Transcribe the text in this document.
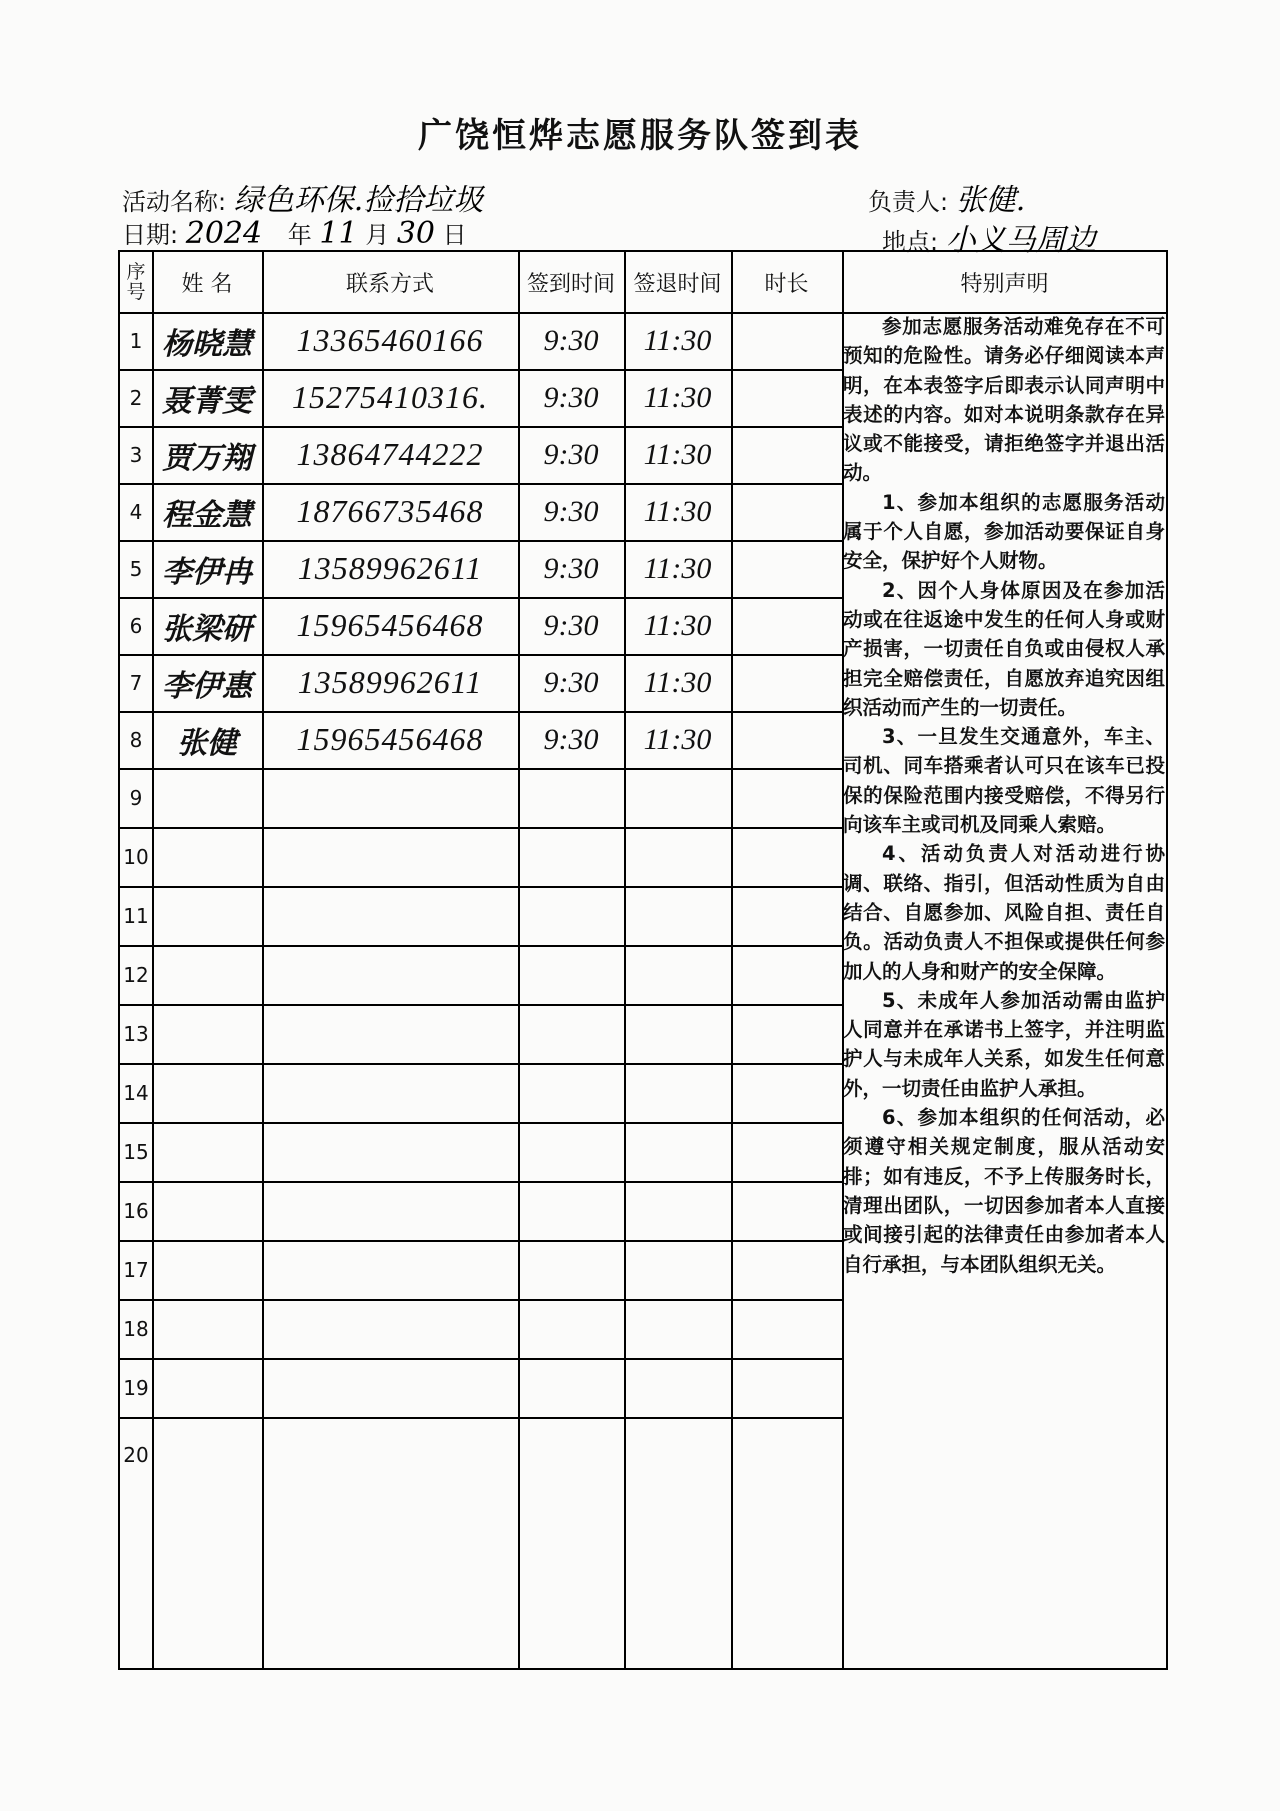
广饶恒烨志愿服务队签到表
活动名称: 绿色环保.捡拾垃圾	负责人: 张健.
日期: 2024 年 11 月 30 日	地点: 小义马周边
序号	姓 名	联系方式	签到时间 签退时间	时长	特别声明

参加志愿服务活动难免存在不可预知的危险性。请务必仔细阅读本声明，在本表签字后即表示认同声明中表述的内容。如对本说明条款存在异议或不能接受，请拒绝签字并退出活动。

1、参加本组织的志愿服务活动属于个人自愿，参加活动要保证自身安全，保护好个人财物。

2、因个人身体原因及在参加活动或在往返途中发生的任何人身或财产损害，一切责任自负或由侵权人承担完全赔偿责任，自愿放弃追究因组织活动而产生的一切责任。

3、一旦发生交通意外，车主、司机、同车搭乘者认可只在该车已投保的保险范围内接受赔偿，不得另行向该车主或司机及同乘人索赔。

4、活动负责人对活动进行协调、联络、指引，但活动性质为自由结合、自愿参加、风险自担、责任自负。活动负责人不担保或提供任何参加人的人身和财产的安全保障。

5、未成年人参加活动需由监护人同意并在承诺书上签字，并注明监护人与未成年人关系，如发生任何意外，一切责任由监护人承担。

6、参加本组织的任何活动，必须遵守相关规定制度，服从活动安排；如有违反，不予上传服务时长，清理出团队，一切因参加者本人直接或间接引起的法律责任由参加者本人自行承担，与本团队组织无关。

1 杨晓慧	13365460166	9:30	11:30
2 聂菁雯	15275410316.	9:30	11:30
3 贾万翔	13864744222	9:30	11:30
4 程金慧	18766735468	9:30	11:30
5 李伊冉	13589962611	9:30	11:30
6 张梁研	15965456468	9:30	11:30
7 李伊惠	13589962611	9:30	11:30
8	张健	15965456468	9:30	11:30
9
10
11
12
13
14
15
16
17
18
19
20
